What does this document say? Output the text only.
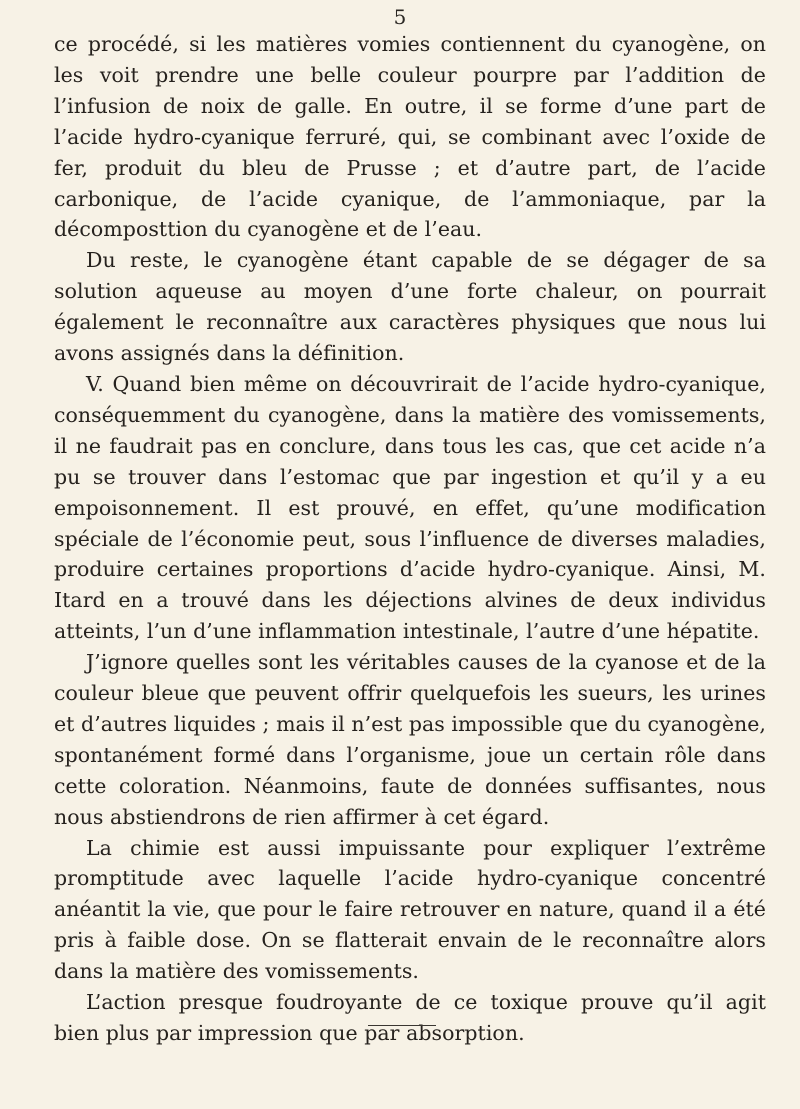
5

ce procédé, si les matières vomies contiennent du cyanogène, on les voit prendre une belle couleur pourpre par l’addition de l’infusion de noix de galle. En outre, il se forme d’une part de l’acide hydro-cyanique ferruré, qui, se combinant avec l’oxide de fer, produit du bleu de Prusse ; et d’autre part, de l’acide carbonique, de l’acide cyanique, de l’ammoniaque, par la décomposttion du cyanogène et de l’eau.

Du reste, le cyanogène étant capable de se dégager de sa solution aqueuse au moyen d’une forte chaleur, on pourrait également le reconnaître aux caractères physiques que nous lui avons assignés dans la définition.

V. Quand bien même on découvrirait de l’acide hydro-cyanique, conséquemment du cyanogène, dans la matière des vomissements, il ne faudrait pas en conclure, dans tous les cas, que cet acide n’a pu se trouver dans l’estomac que par ingestion et qu’il y a eu empoisonnement. Il est prouvé, en effet, qu’une modification spéciale de l’économie peut, sous l’influence de diverses maladies, produire certaines proportions d’acide hydro-cyanique. Ainsi, M. Itard en a trouvé dans les déjections alvines de deux individus atteints, l’un d’une inflammation intestinale, l’autre d’une hépatite.

J’ignore quelles sont les véritables causes de la cyanose et de la couleur bleue que peuvent offrir quelquefois les sueurs, les urines et d’autres liquides ; mais il n’est pas impossible que du cyanogène, spontanément formé dans l’organisme, joue un certain rôle dans cette coloration. Néanmoins, faute de données suffisantes, nous nous abstiendrons de rien affirmer à cet égard.

La chimie est aussi impuissante pour expliquer l’extrême promptitude avec laquelle l’acide hydro-cyanique concentré anéantit la vie, que pour le faire retrouver en nature, quand il a été pris à faible dose. On se flatterait envain de le reconnaître alors dans la matière des vomissements.

L’action presque foudroyante de ce toxique prouve qu’il agit bien plus par impression que par absorption.
